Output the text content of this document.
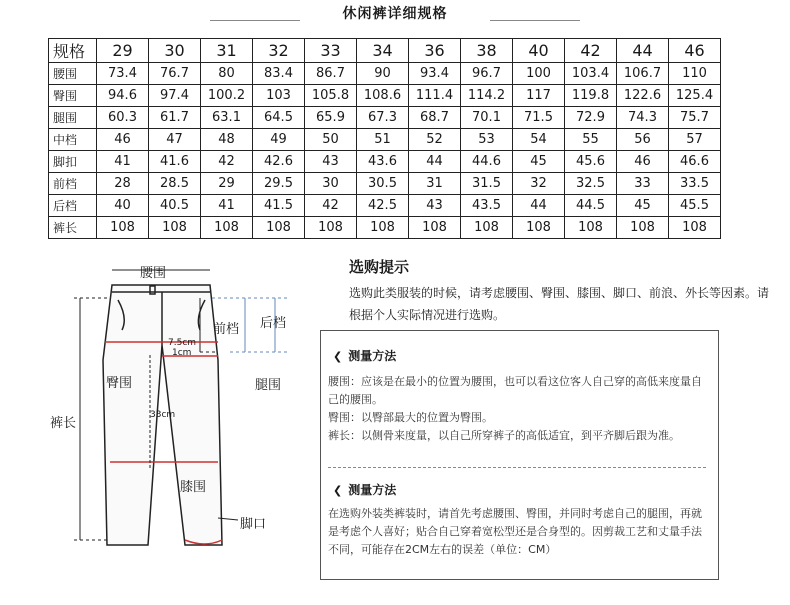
休闲裤详细规格
规格	29	30	31	32	33	34	36	38	40	42	44	46
腰围	73.4	76.7	80	83.4	86.7	90	93.4	96.7	100	103.4	106.7	110
臀围	94.6	97.4	100.2	103	105.8	108.6	111.4	114.2	117	119.8	122.6	125.4
腿围	60.3	61.7	63.1	64.5	65.9	67.3	68.7	70.1	71.5	72.9	74.3	75.7
中档	46	47	48	49	50	51	52	53	54	55	56	57
脚扣	41	41.6	42	42.6	43	43.6	44	44.6	45	45.6	46	46.6
前档	28	28.5	29	29.5	30	30.5	31	31.5	32	32.5	33	33.5
后档	40	40.5	41	41.5	42	42.5	43	43.5	44	44.5	45	45.5
裤长	108	108	108	108	108	108	108	108	108	108	108	108
选购提示
选购此类服装的时候，请考虑腰围、臀围、膝围、脚口、前浪、外长等因素。请根据个人实际情况进行选购。
❮ 测量方法

腰围：应该是在最小的位置为腰围，也可以看这位客人自己穿的高低来度量自己的腰围。

臀围：以臀部最大的位置为臀围。

裤长：以侧骨来度量，以自己所穿裤子的高低适宜，到平齐脚后跟为准。

❮ 测量方法
在选购外装类裤装时，请首先考虑腰围、臀围，并同时考虑自己的腿围，再就是考虑个人喜好；贴合自己穿着宽松型还是合身型的。因剪裁工艺和丈量手法不同，可能存在2CM左右的误差（单位：CM）
腰围
前档 后档
臀围	腿围
7.5cm
1cm
33cm
裤长
膝围
脚口
